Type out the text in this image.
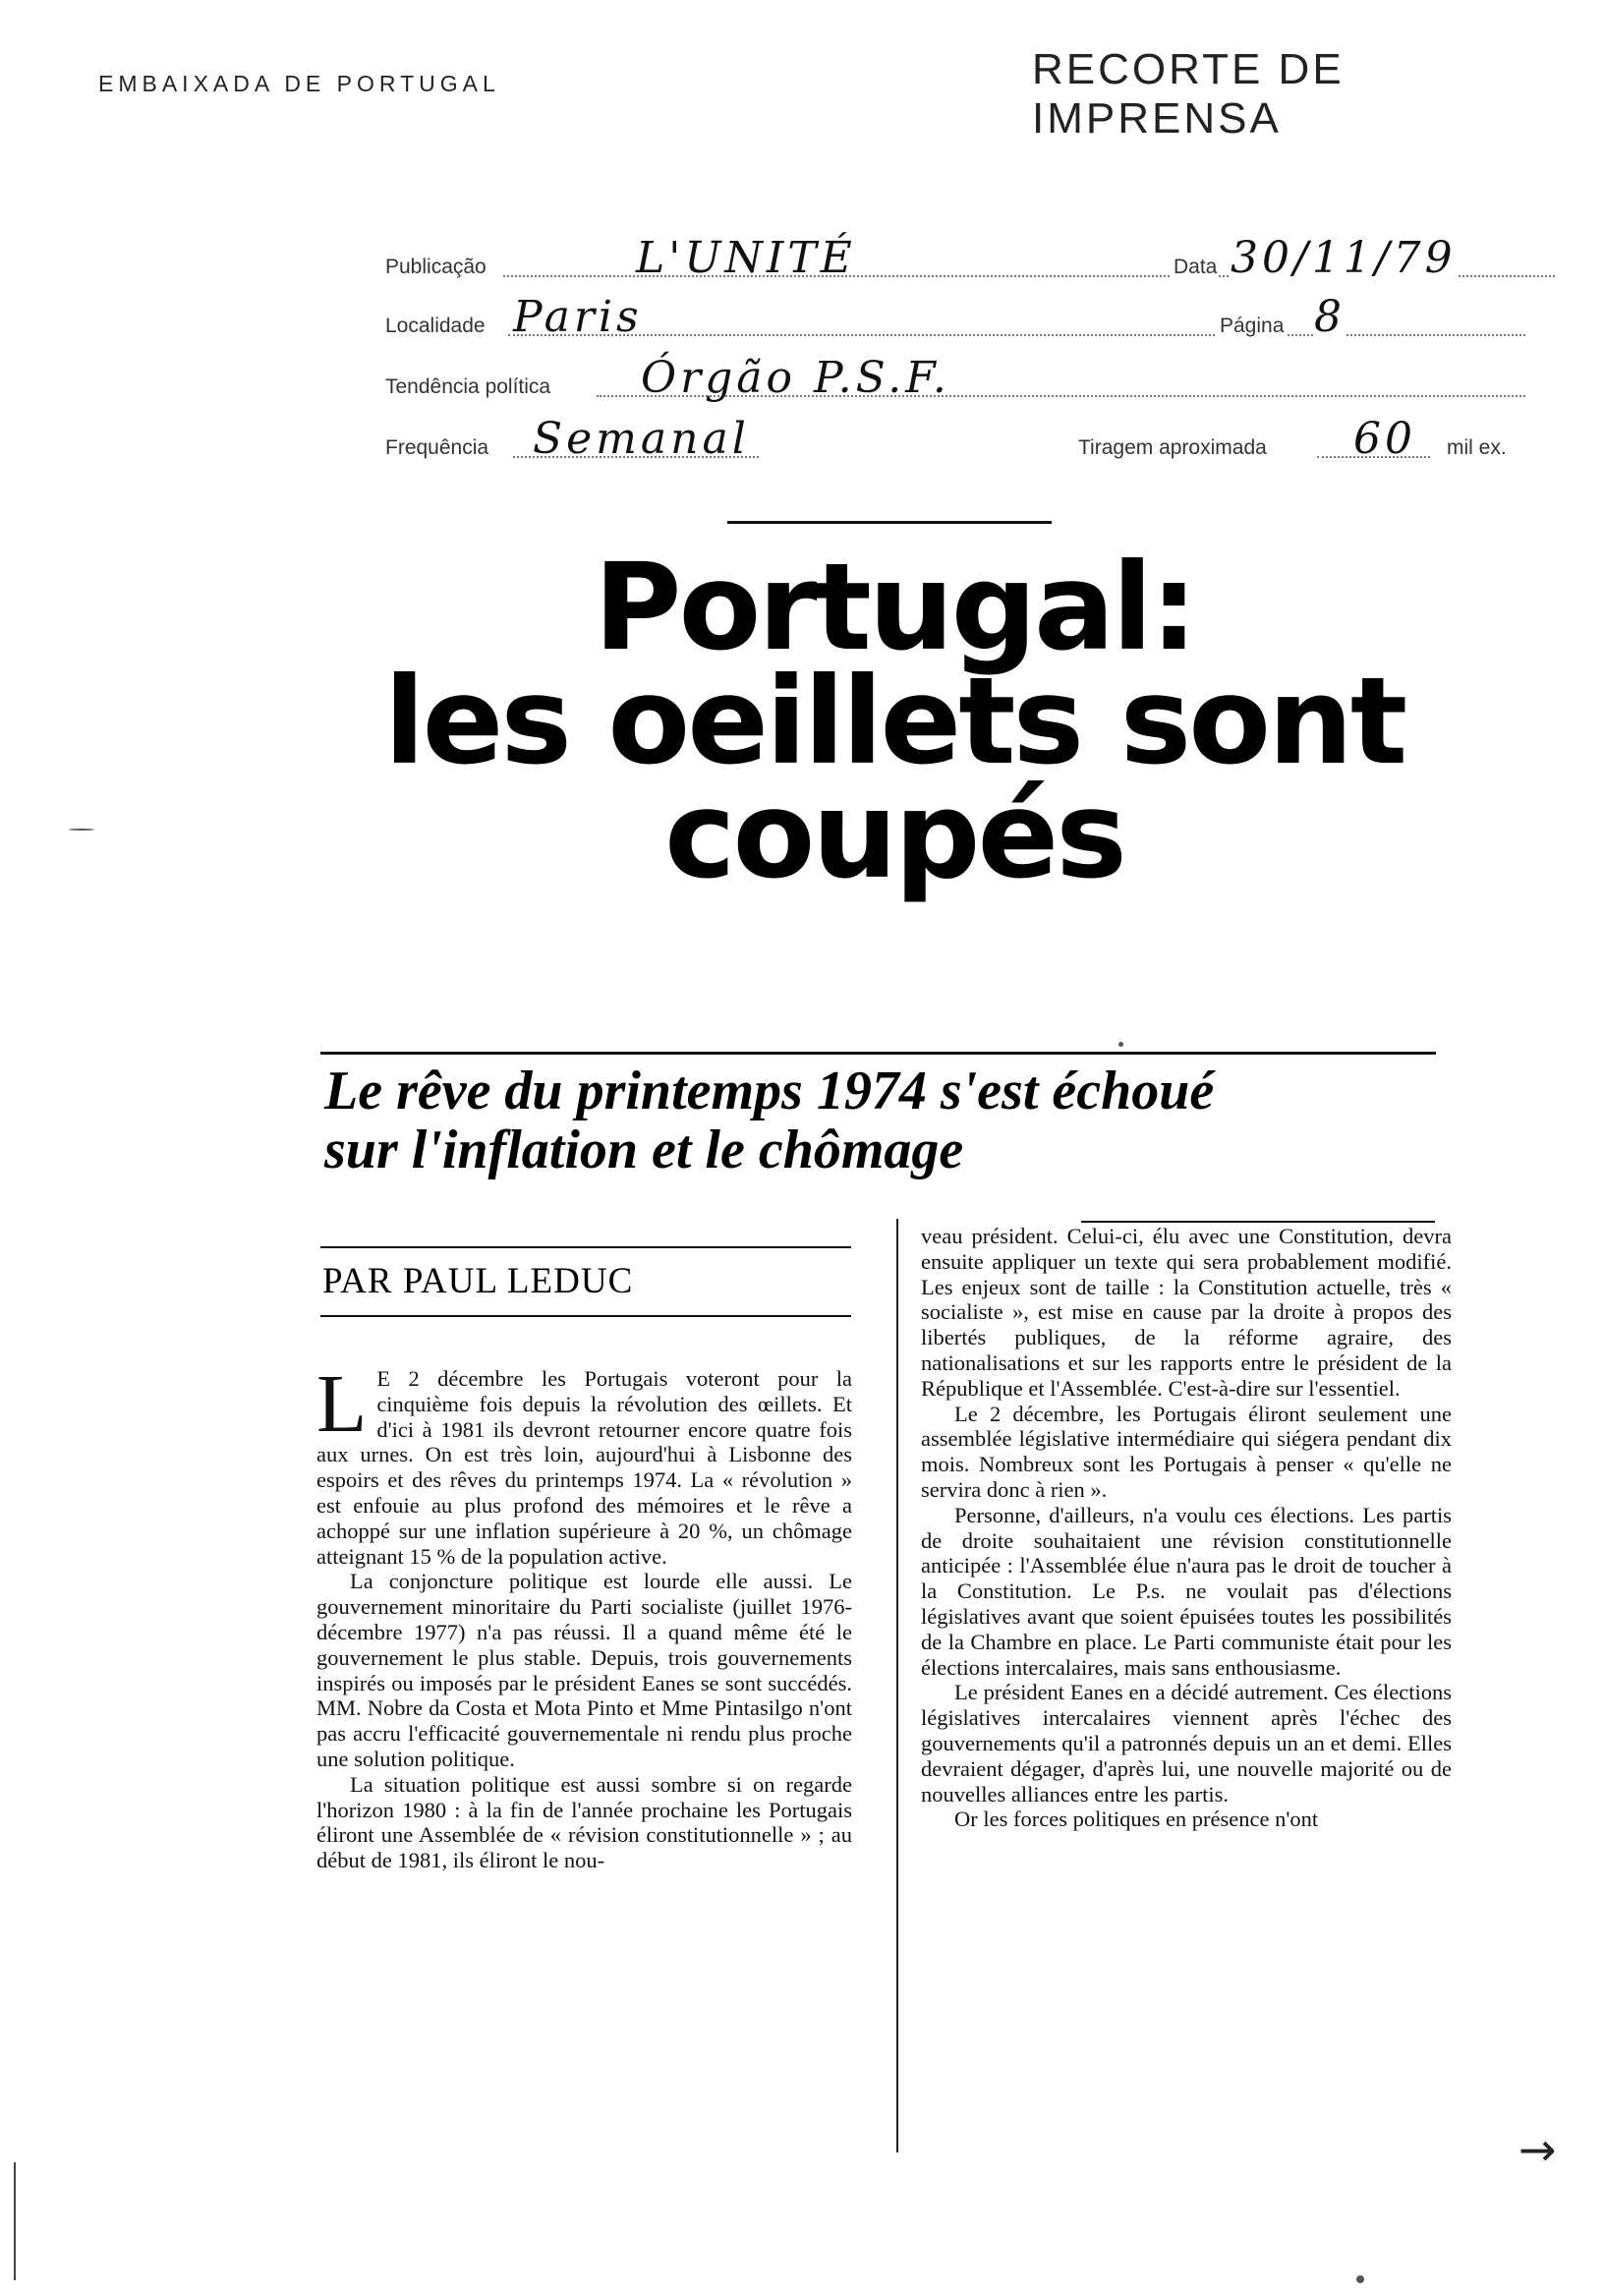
EMBAIXADA DE PORTUGAL	RECORTE DE IMPRENSA
Publicação	L'UNITÉ	Data 30/11/79
Localidade Paris	Página 8
Tendência política Órgão P.S.F.
Frequência Semanal	Tiragem aproximada 60 mil ex.
Portugal:
les oeillets sont
coupés
Le rêve du printemps 1974 s'est échoué
sur l'inflation et le chômage
PAR PAUL LEDUC

L E 2 décembre les Portugais voteront pour la cinquième fois depuis la révolution des œillets. Et d'ici à 1981 ils devront retourner encore quatre fois aux urnes. On est très loin, aujourd'hui à Lisbonne des espoirs et des rêves du printemps 1974. La « révolution » est enfouie au plus profond des mémoires et le rêve a achoppé sur une inflation supérieure à 20 %, un chômage atteignant 15 % de la population active.

La conjoncture politique est lourde elle aussi. Le gouvernement minoritaire du Parti socialiste (juillet 1976-décembre 1977) n'a pas réussi. Il a quand même été le gouvernement le plus stable. Depuis, trois gouvernements inspirés ou imposés par le président Eanes se sont succédés. MM. Nobre da Costa et Mota Pinto et Mme Pintasilgo n'ont pas accru l'efficacité gouvernementale ni rendu plus proche une solution politique.

La situation politique est aussi sombre si on regarde l'horizon 1980 : à la fin de l'année prochaine les Portugais éliront une Assemblée de « révision constitutionnelle » ; au début de 1981, ils éliront le nou-

veau président. Celui-ci, élu avec une Constitution, devra ensuite appliquer un texte qui sera probablement modifié. Les enjeux sont de taille : la Constitution actuelle, très « socialiste », est mise en cause par la droite à propos des libertés publiques, de la réforme agraire, des nationalisations et sur les rapports entre le président de la République et l'Assemblée. C'est-à-dire sur l'essentiel.

Le 2 décembre, les Portugais éliront seulement une assemblée législative intermédiaire qui siégera pendant dix mois. Nombreux sont les Portugais à penser « qu'elle ne servira donc à rien ».

Personne, d'ailleurs, n'a voulu ces élections. Les partis de droite souhaitaient une révision constitutionnelle anticipée : l'Assemblée élue n'aura pas le droit de toucher à la Constitution. Le P.s. ne voulait pas d'élections législatives avant que soient épuisées toutes les possibilités de la Chambre en place. Le Parti communiste était pour les élections intercalaires, mais sans enthousiasme.

Le président Eanes en a décidé autrement. Ces élections législatives intercalaires viennent après l'échec des gouvernements qu'il a patronnés depuis un an et demi. Elles devraient dégager, d'après lui, une nouvelle majorité ou de nouvelles alliances entre les partis.

Or les forces politiques en présence n'ont

→
